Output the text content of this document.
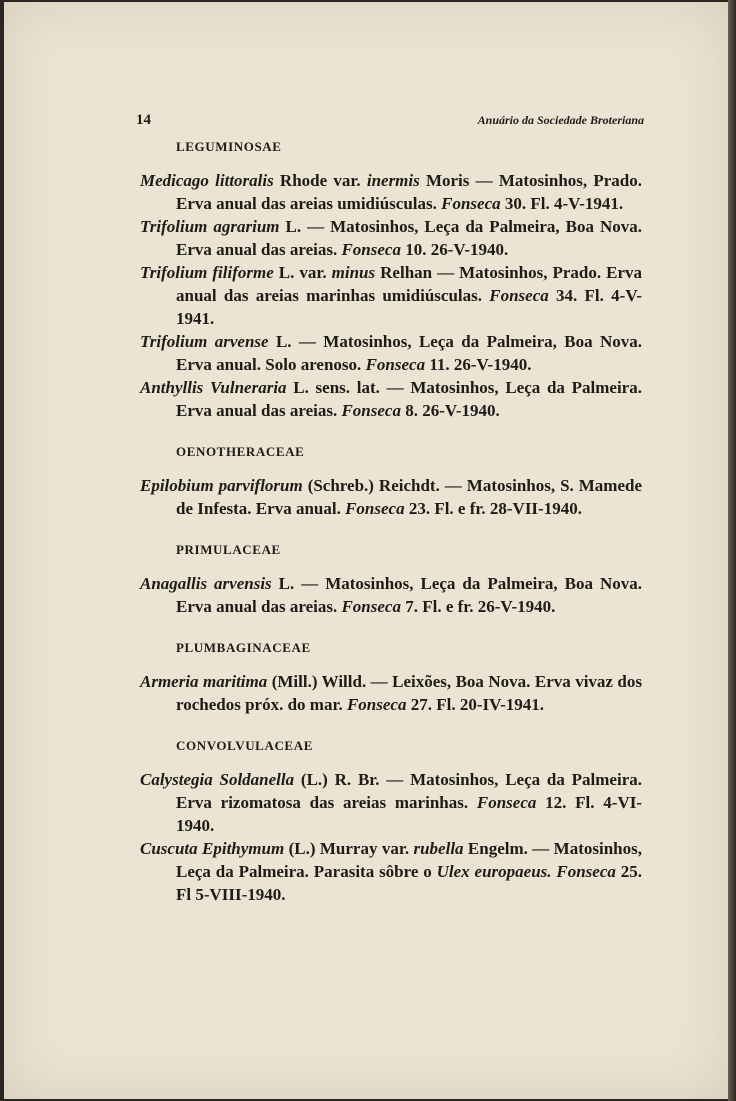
14	Anuário da Sociedade Broteriana
LEGUMINOSAE
Medicago littoralis Rhode var. inermis Moris — Matosinhos, Prado. Erva anual das areias umidiúsculas. Fonseca 30. Fl. 4-V-1941.
Trifolium agrarium L. — Matosinhos, Leça da Palmeira, Boa Nova. Erva anual das areias. Fonseca 10. 26-V-1940.
Trifolium filiforme L. var. minus Relhan — Matosinhos, Prado. Erva anual das areias marinhas umidiúsculas. Fonseca 34. Fl. 4-V-1941.
Trifolium arvense L. — Matosinhos, Leça da Palmeira, Boa Nova. Erva anual. Solo arenoso. Fonseca 11. 26-V-1940.
Anthyllis Vulneraria L. sens. lat. — Matosinhos, Leça da Palmeira. Erva anual das areias. Fonseca 8. 26-V-1940.
OENOTHERACEAE
Epilobium parviflorum (Schreb.) Reichdt. — Matosinhos, S. Mamede de Infesta. Erva anual. Fonseca 23. Fl. e fr. 28-VII-1940.
PRIMULACEAE
Anagallis arvensis L. — Matosinhos, Leça da Palmeira, Boa Nova. Erva anual das areias. Fonseca 7. Fl. e fr. 26-V-1940.
PLUMBAGINACEAE
Armeria maritima (Mill.) Willd. — Leixões, Boa Nova. Erva vivaz dos rochedos próx. do mar. Fonseca 27. Fl. 20-IV-1941.
CONVOLVULACEAE
Calystegia Soldanella (L.) R. Br. — Matosinhos, Leça da Palmeira. Erva rizomatosa das areias marinhas. Fonseca 12. Fl. 4-VI-1940.
Cuscuta Epithymum (L.) Murray var. rubella Engelm. — Matosinhos, Leça da Palmeira. Parasita sôbre o Ulex europaeus. Fonseca 25. Fl 5-VIII-1940.
